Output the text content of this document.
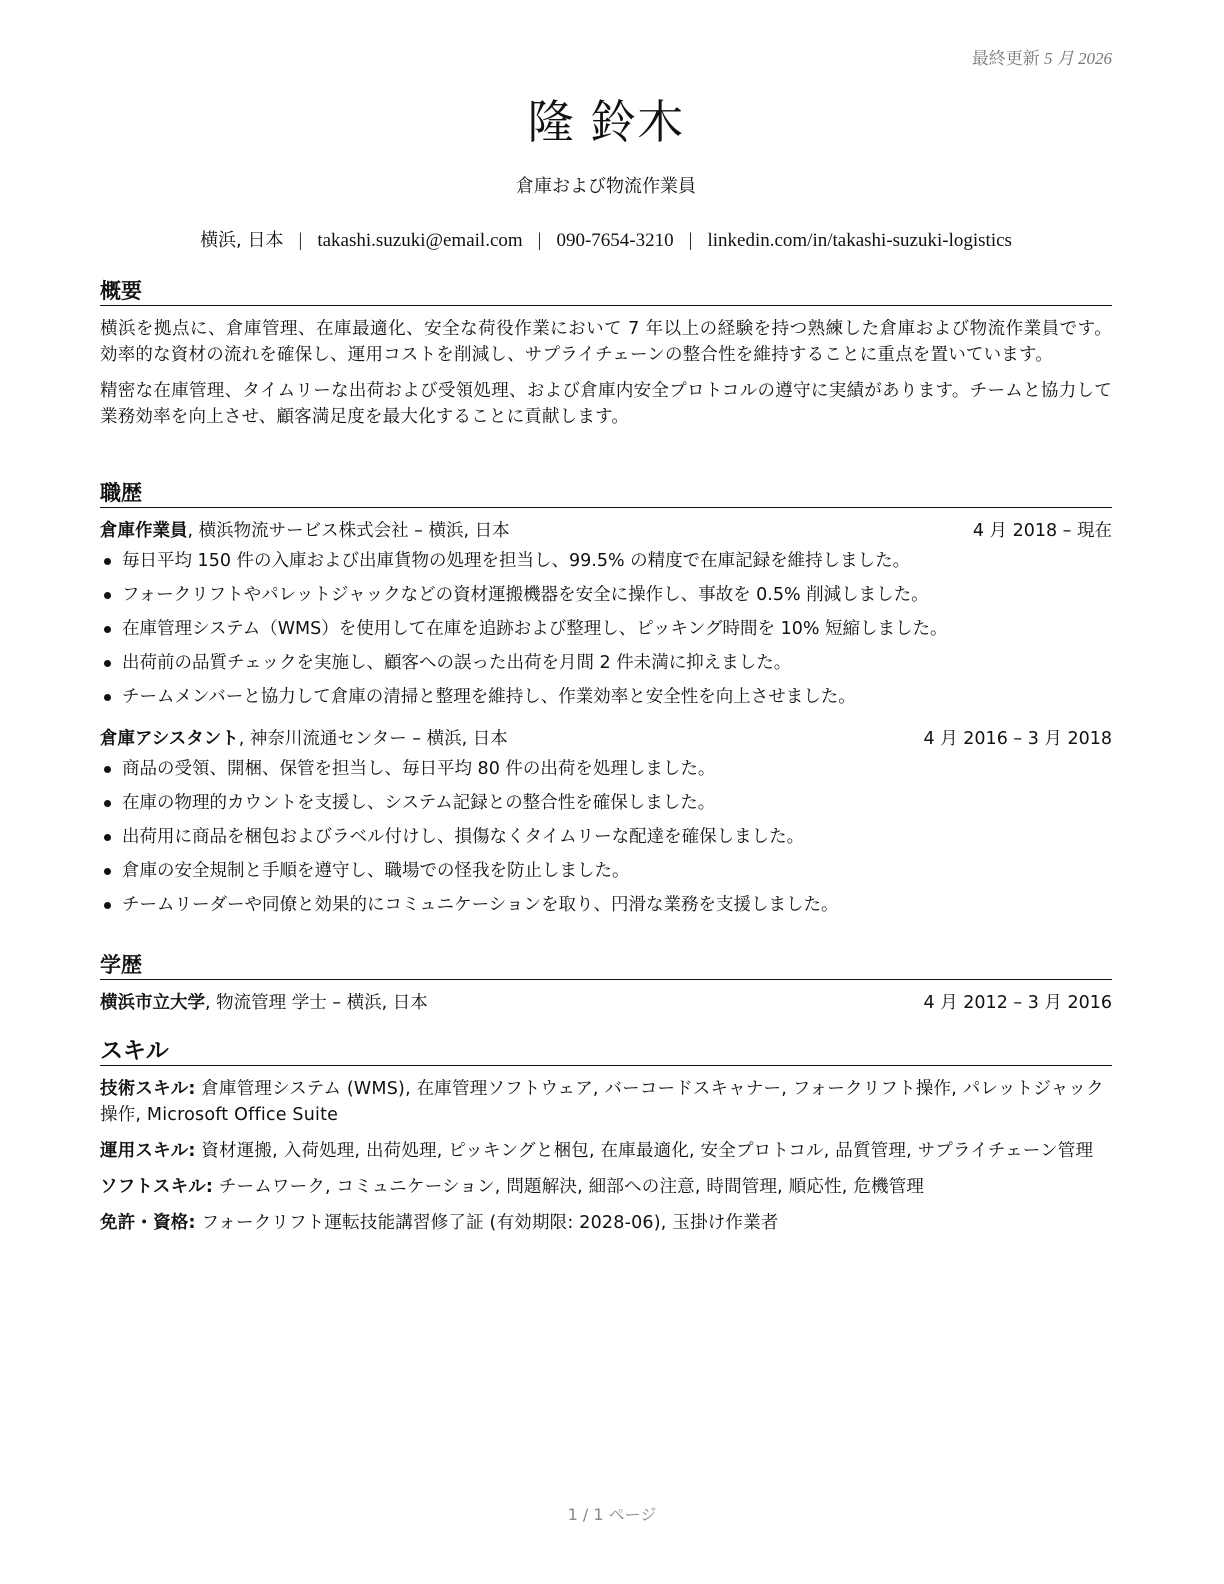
最終更新 5 月 2026
隆 鈴木
倉庫および物流作業員
横浜, 日本 | takashi.suzuki@email.com | 090-7654-3210 | linkedin.com/in/takashi-suzuki-logistics
概要

横浜を拠点に、倉庫管理、在庫最適化、安全な荷役作業において 7 年以上の経験を持つ熟練した倉庫および物流作業員です。効率的な資材の流れを確保し、運用コストを削減し、サプライチェーンの整合性を維持することに重点を置いています。

精密な在庫管理、タイムリーな出荷および受領処理、および倉庫内安全プロトコルの遵守に実績があります。チームと協力して業務効率を向上させ、顧客満足度を最大化することに貢献します。

職歴
倉庫作業員, 横浜物流サービス株式会社 – 横浜, 日本	4 月 2018 – 現在
毎日平均 150 件の入庫および出庫貨物の処理を担当し、99.5% の精度で在庫記録を維持しました。
フォークリフトやパレットジャックなどの資材運搬機器を安全に操作し、事故を 0.5% 削減しました。
在庫管理システム（WMS）を使用して在庫を追跡および整理し、ピッキング時間を 10% 短縮しました。
出荷前の品質チェックを実施し、顧客への誤った出荷を月間 2 件未満に抑えました。
チームメンバーと協力して倉庫の清掃と整理を維持し、作業効率と安全性を向上させました。
倉庫アシスタント, 神奈川流通センター – 横浜, 日本	4 月 2016 – 3 月 2018
商品の受領、開梱、保管を担当し、毎日平均 80 件の出荷を処理しました。
在庫の物理的カウントを支援し、システム記録との整合性を確保しました。
出荷用に商品を梱包およびラベル付けし、損傷なくタイムリーな配達を確保しました。
倉庫の安全規制と手順を遵守し、職場での怪我を防止しました。
チームリーダーや同僚と効果的にコミュニケーションを取り、円滑な業務を支援しました。
学歴
横浜市立大学, 物流管理 学士 – 横浜, 日本	4 月 2012 – 3 月 2016
スキル

技術スキル: 倉庫管理システム (WMS), 在庫管理ソフトウェア, バーコードスキャナー, フォークリフト操作, パレットジャック操作, Microsoft Office Suite

運用スキル: 資材運搬, 入荷処理, 出荷処理, ピッキングと梱包, 在庫最適化, 安全プロトコル, 品質管理, サプライチェーン管理

ソフトスキル: チームワーク, コミュニケーション, 問題解決, 細部への注意, 時間管理, 順応性, 危機管理

免許・資格: フォークリフト運転技能講習修了証 (有効期限: 2028-06), 玉掛け作業者

1 / 1 ページ
